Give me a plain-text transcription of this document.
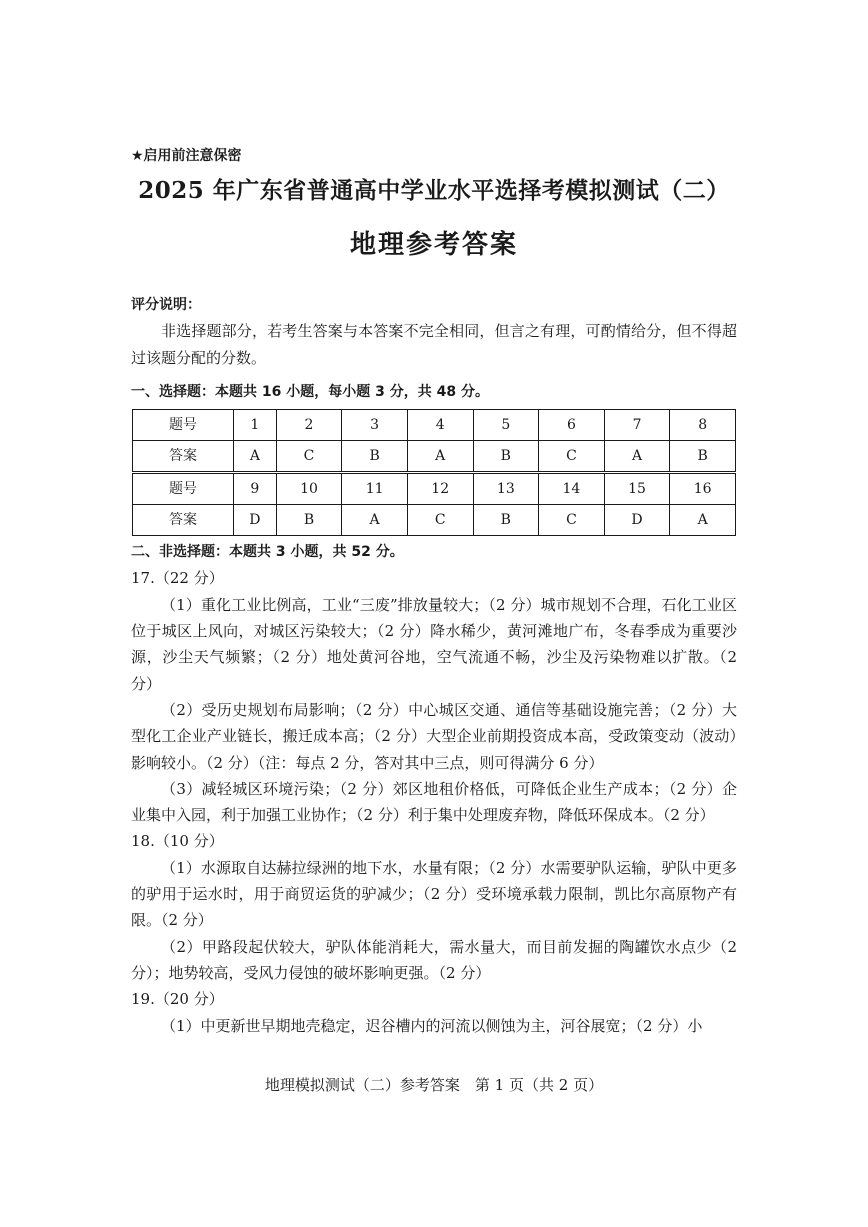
★启用前注意保密
2025 年广东省普通高中学业水平选择考模拟测试（二）
地理参考答案

评分说明：

非选择题部分，若考生答案与本答案不完全相同，但言之有理，可酌情给分，但不得超过该题分配的分数。

一、选择题：本题共 16 小题，每小题 3 分，共 48 分。

题号	1	2	3	4	5	6	7	8
答案	A	C	B	A	B	C	A	B
题号	9	10	11	12	13	14	15	16
答案	D	B	A	C	B	C	D	A

二、非选择题：本题共 3 小题，共 52 分。

17.（22 分）

（1）重化工业比例高，工业“三废”排放量较大；（2 分）城市规划不合理，石化工业区位于城区上风向，对城区污染较大；（2 分）降水稀少，黄河滩地广布，冬春季成为重要沙源，沙尘天气频繁；（2 分）地处黄河谷地，空气流通不畅，沙尘及污染物难以扩散。（2 分）

（2）受历史规划布局影响；（2 分）中心城区交通、通信等基础设施完善；（2 分）大型化工企业产业链长，搬迁成本高；（2 分）大型企业前期投资成本高，受政策变动（波动）影响较小。（2 分）（注：每点 2 分，答对其中三点，则可得满分 6 分）

（3）减轻城区环境污染；（2 分）郊区地租价格低，可降低企业生产成本；（2 分）企业集中入园，利于加强工业协作；（2 分）利于集中处理废弃物，降低环保成本。（2 分）

18.（10 分）

（1）水源取自达赫拉绿洲的地下水，水量有限；（2 分）水需要驴队运输，驴队中更多的驴用于运水时，用于商贸运货的驴减少；（2 分）受环境承载力限制，凯比尔高原物产有限。（2 分）

（2）甲路段起伏较大，驴队体能消耗大，需水量大，而目前发掘的陶罐饮水点少（2 分）；地势较高，受风力侵蚀的破坏影响更强。（2 分）

19.（20 分）

（1）中更新世早期地壳稳定，迟谷槽内的河流以侧蚀为主，河谷展宽；（2 分）小

地理模拟测试（二）参考答案　第 1 页（共 2 页）
